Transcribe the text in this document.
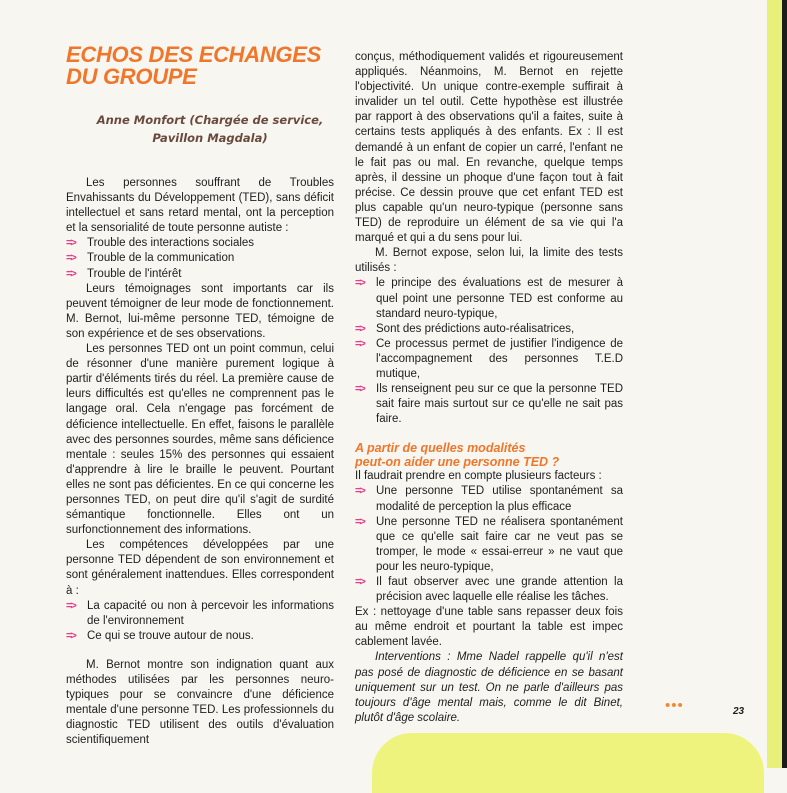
ECHOS DES ECHANGES
DU GROUPE
Anne Monfort (Chargée de service,
Pavillon Magdala)

Les personnes souffrant de Troubles Envahissants du Développement (TED), sans déficit intellectuel et sans retard mental, ont la perception et la sensorialité de toute personne autiste :

=>	Trouble des interactions sociales
=>	Trouble de la communication
=>	Trouble de l'intérêt

Leurs témoignages sont importants car ils peuvent témoigner de leur mode de fonctionnement. M. Bernot, lui-même personne TED, témoigne de son expérience et de ses observations.

Les personnes TED ont un point commun, celui de résonner d'une manière purement logique à partir d'éléments tirés du réel. La première cause de leurs difficultés est qu'elles ne comprennent pas le langage oral. Cela n'engage pas forcément de déficience intellectuelle. En effet, faisons le parallèle avec des personnes sourdes, même sans déficience mentale : seules 15% des personnes qui essaient d'apprendre à lire le braille le peuvent. Pourtant elles ne sont pas déficientes. En ce qui concerne les personnes TED, on peut dire qu'il s'agit de surdité sémantique fonctionnelle. Elles ont un surfonctionnement des informations.

Les compétences développées par une personne TED dépendent de son environnement et sont généralement inattendues. Elles correspondent à :

=>	La capacité ou non à percevoir les informations de l'environnement
=>	Ce qui se trouve autour de nous.

M. Bernot montre son indignation quant aux méthodes utilisées par les personnes neuro-typiques pour se convaincre d'une déficience mentale d'une personne TED. Les professionnels du diagnostic TED utilisent des outils d'évaluation scientifiquement

conçus, méthodiquement validés et rigoureusement appliqués. Néanmoins, M. Bernot en rejette l'objectivité. Un unique contre-exemple suffirait à invalider un tel outil. Cette hypothèse est illustrée par rapport à des observations qu'il a faites, suite à certains tests appliqués à des enfants. Ex : Il est demandé à un enfant de copier un carré, l'enfant ne le fait pas ou mal. En revanche, quelque temps après, il dessine un phoque d'une façon tout à fait précise. Ce dessin prouve que cet enfant TED est plus capable qu'un neuro-typique (personne sans TED) de reproduire un élément de sa vie qui l'a marqué et qui a du sens pour lui.

M. Bernot expose, selon lui, la limite des tests utilisés :

=>	le principe des évaluations est de mesurer à quel point une personne TED est conforme au standard neuro-typique,
=>	Sont des prédictions auto-réalisatrices,
=>	Ce processus permet de justifier l'indigence de l'accompagnement des personnes T.E.D mutique,
=>	Ils renseignent peu sur ce que la personne TED sait faire mais surtout sur ce qu'elle ne sait pas faire.
A partir de quelles modalités
peut-on aider une personne TED ?

Il faudrait prendre en compte plusieurs facteurs :

=>	Une personne TED utilise spontanément sa modalité de perception la plus efficace
=>	Une personne TED ne réalisera spontanément que ce qu'elle sait faire car ne veut pas se tromper, le mode « essai-erreur » ne vaut que pour les neuro-typique,
=>	Il faut observer avec une grande attention la précision avec laquelle elle réalise les tâches.

Ex : nettoyage d'une table sans repasser deux fois au même endroit et pourtant la table est impec cablement lavée.

Interventions : Mme Nadel rappelle qu'il n'est pas posé de diagnostic de déficience en se basant uniquement sur un test. On ne parle d'ailleurs pas toujours d'âge mental mais, comme le dit Binet, plutôt d'âge scolaire.

•••	23
